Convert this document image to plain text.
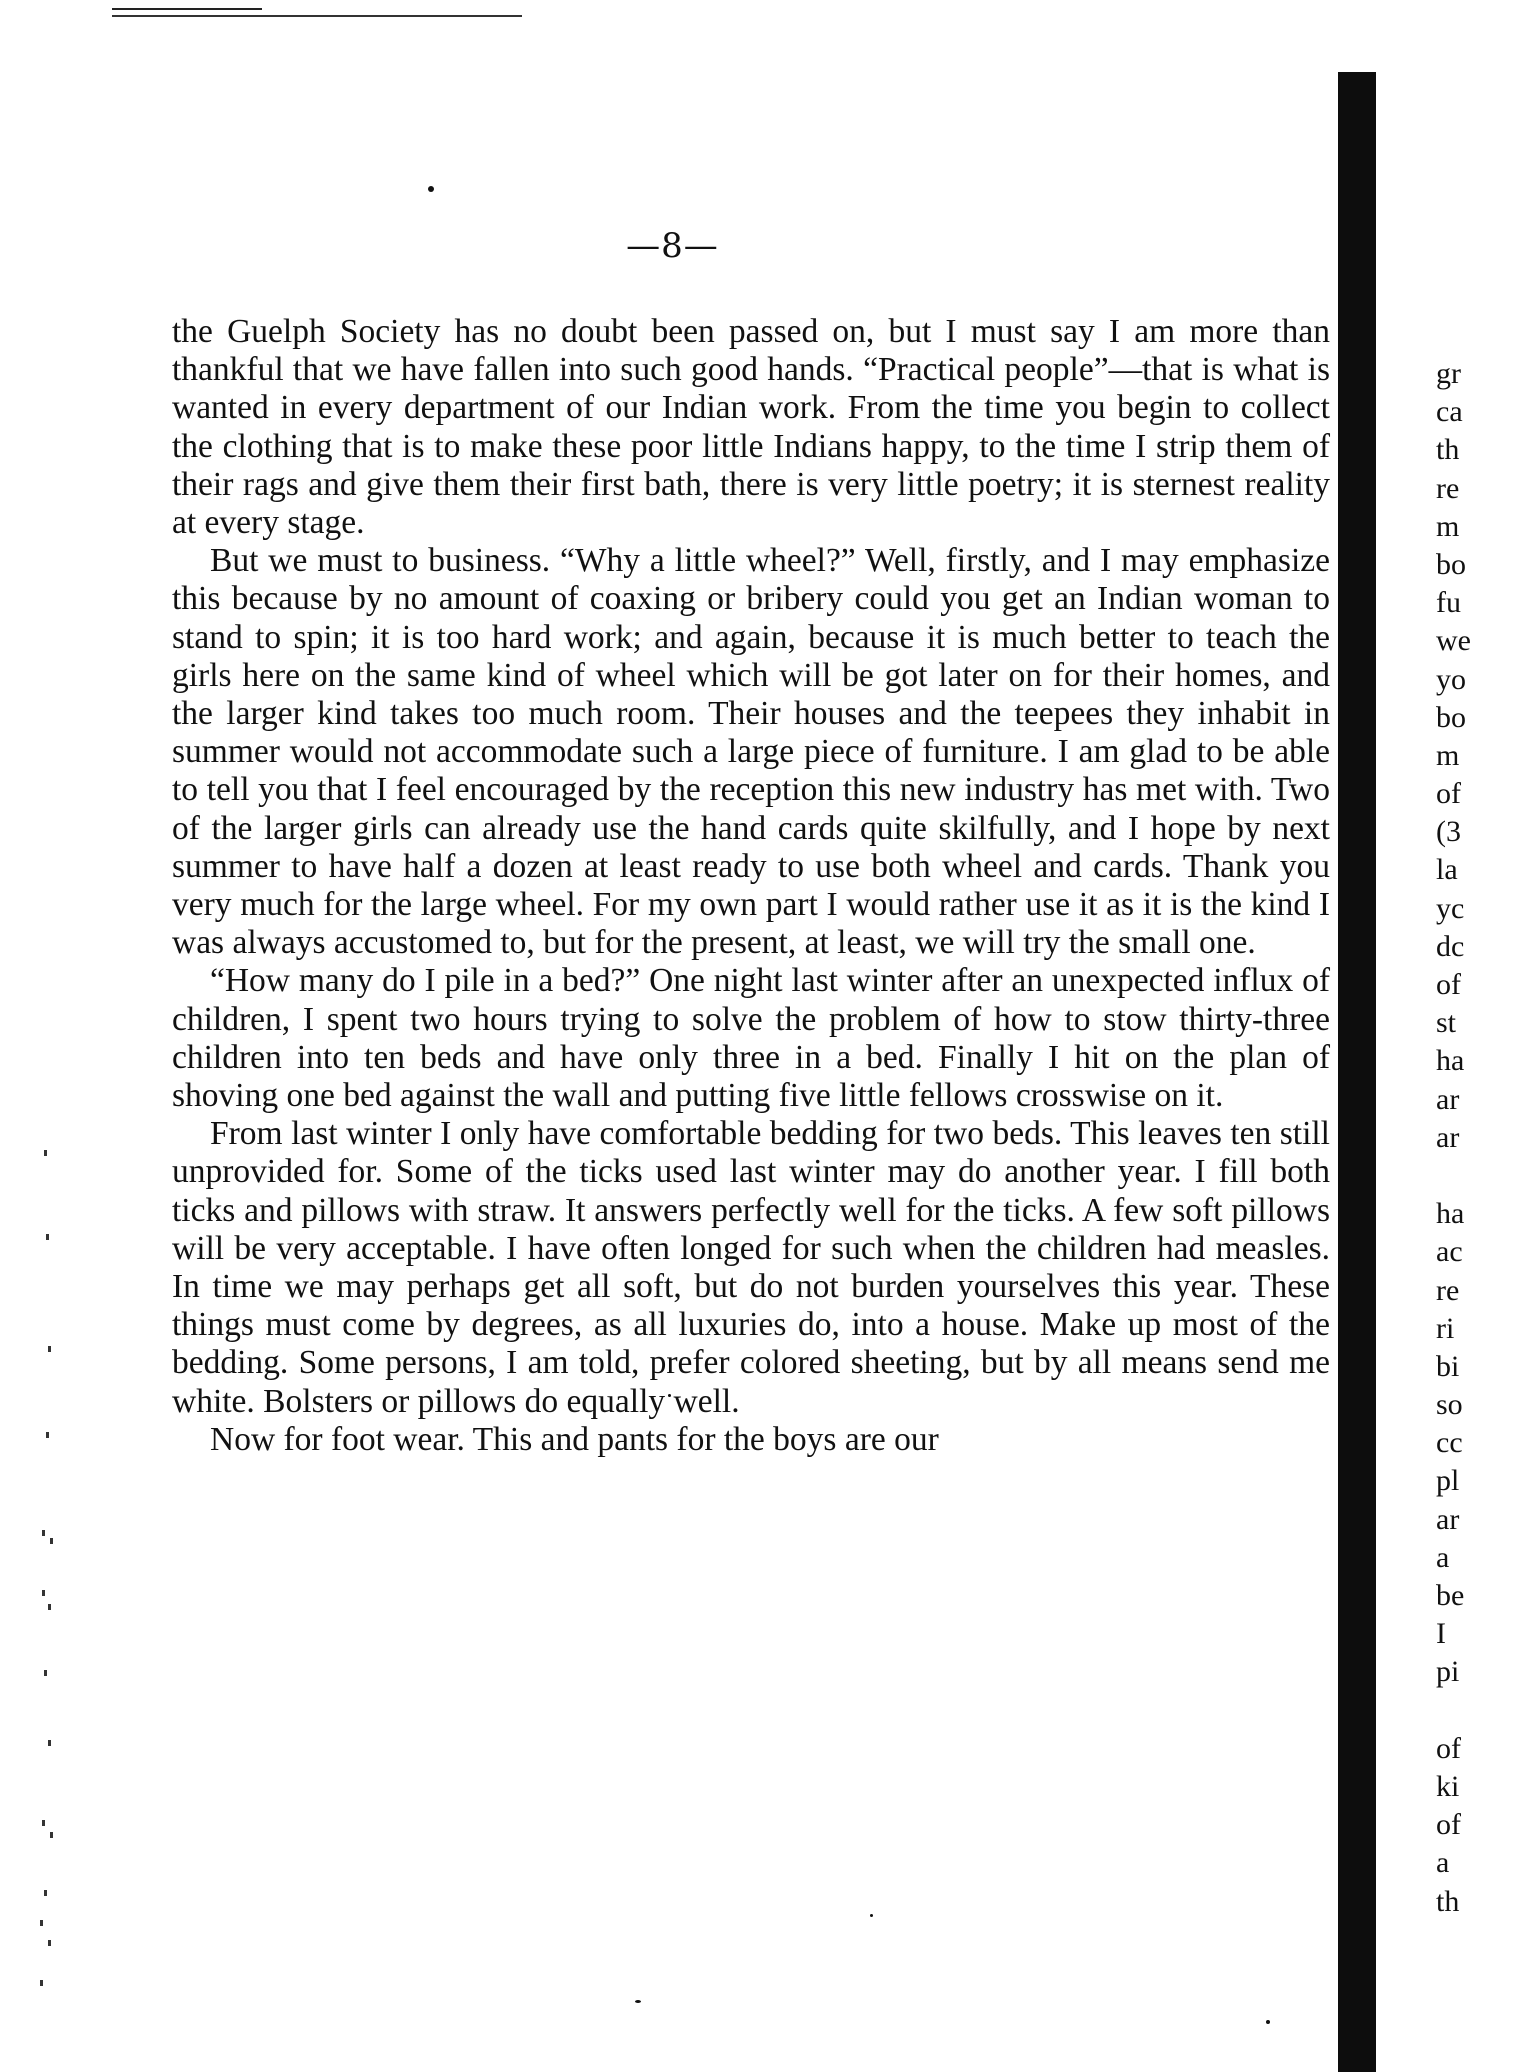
—8—

the Guelph Society has no doubt been passed on, but I must say I am more than thankful that we have fallen into such good hands. “Practical people”—that is what is wanted in every department of our Indian work. From the time you begin to collect the clothing that is to make these poor little Indians happy, to the time I strip them of their rags and give them their first bath, there is very little poetry; it is sternest reality at every stage.

But we must to business. “Why a little wheel?” Well, firstly, and I may emphasize this because by no amount of coaxing or bribery could you get an Indian woman to stand to spin; it is too hard work; and again, because it is much better to teach the girls here on the same kind of wheel which will be got later on for their homes, and the larger kind takes too much room. Their houses and the teepees they inhabit in summer would not accommodate such a large piece of furniture. I am glad to be able to tell you that I feel encouraged by the reception this new industry has met with. Two of the larger girls can already use the hand cards quite skilfully, and I hope by next summer to have half a dozen at least ready to use both wheel and cards. Thank you very much for the large wheel. For my own part I would rather use it as it is the kind I was always accustomed to, but for the present, at least, we will try the small one.

“How many do I pile in a bed?” One night last winter after an unexpected influx of children, I spent two hours trying to solve the problem of how to stow thirty-three children into ten beds and have only three in a bed. Finally I hit on the plan of shoving one bed against the wall and putting five little fellows crosswise on it.

From last winter I only have comfortable bedding for two beds. This leaves ten still unprovided for. Some of the ticks used last winter may do another year. I fill both ticks and pillows with straw. It answers perfectly well for the ticks. A few soft pillows will be very acceptable. I have often longed for such when the children had measles. In time we may perhaps get all soft, but do not burden yourselves this year. These things must come by degrees, as all luxuries do, into a house. Make up most of the bedding. Some persons, I am told, prefer colored sheeting, but by all means send me white. Bolsters or pillows do equally well.

Now for foot wear. This and pants for the boys are our

gr
ca
th
re
m
bo
fu
we
yo
bo
m
of
(3
la
yc
dc
of
st
ha
ar
ar
ha
ac
re
ri
bi
so
cc
pl
ar
a
be
I
pi
of
ki
of
a
th
